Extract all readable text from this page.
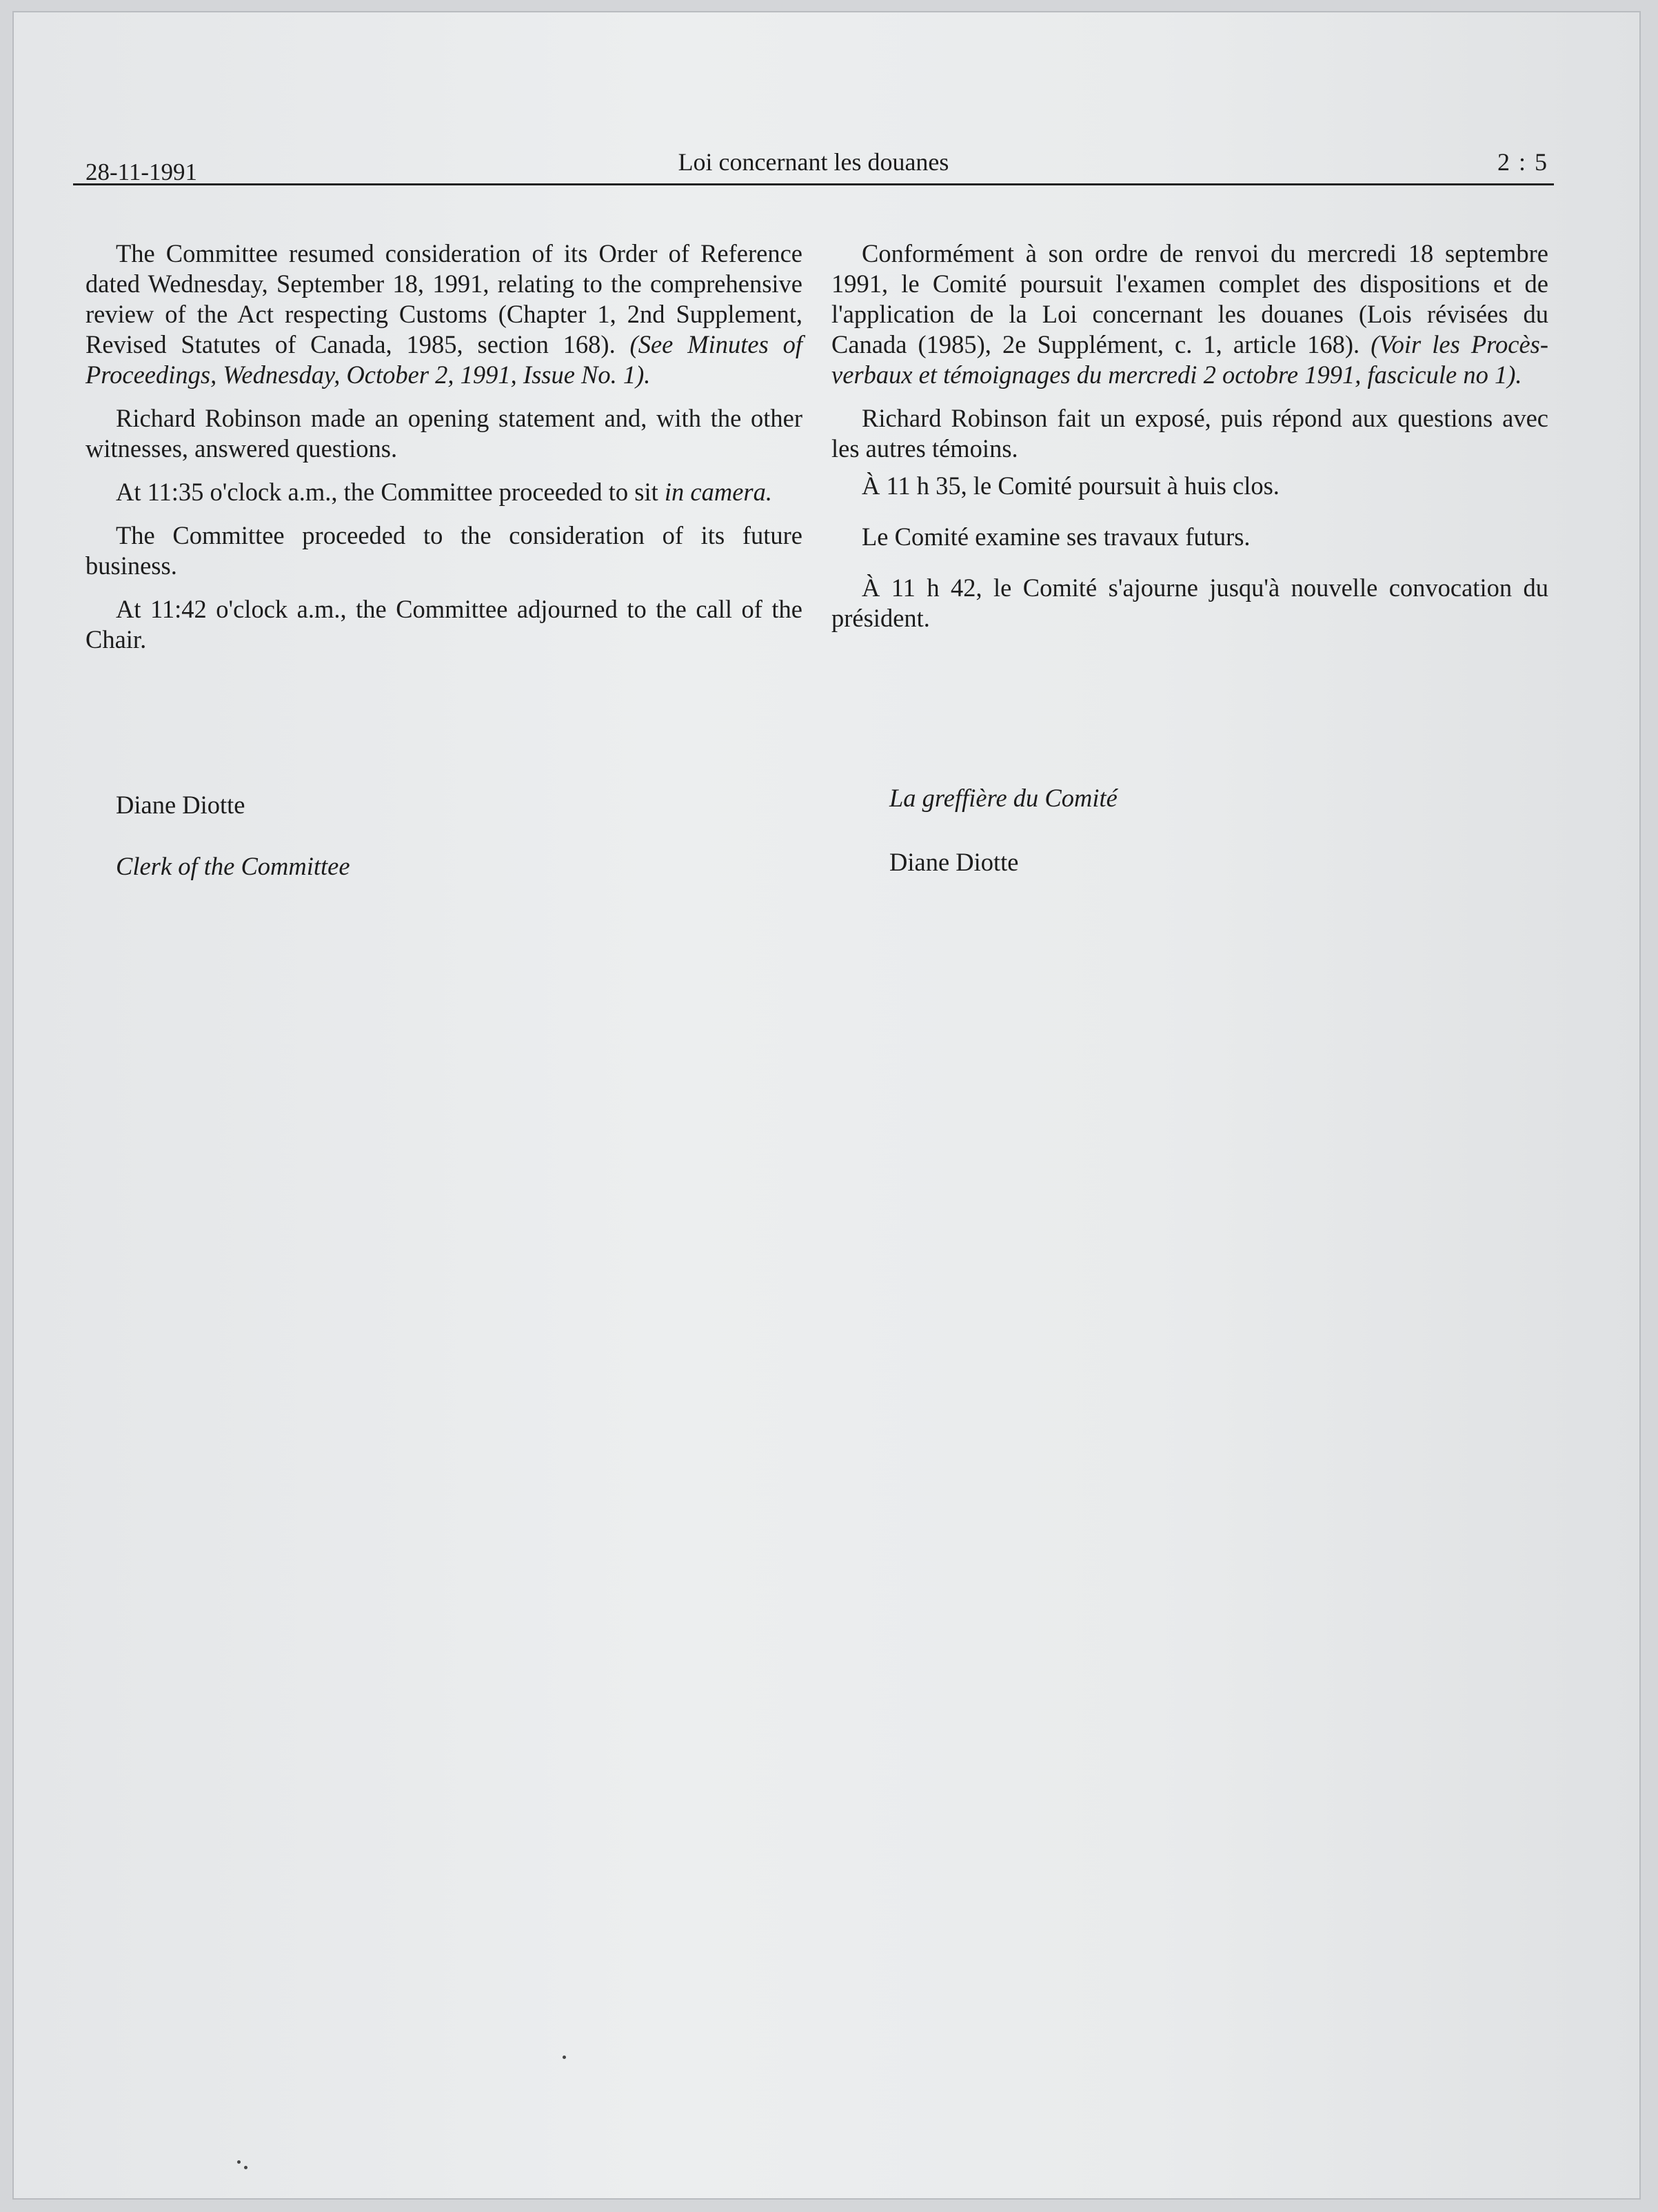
28-11-1991	Loi concernant les douanes	2 : 5

The Committee resumed consideration of its Order of Reference dated Wednesday, September 18, 1991, relating to the comprehensive review of the Act respecting Customs (Chapter 1, 2nd Supplement, Revised Statutes of Canada, 1985, section 168). (See Minutes of Proceedings, Wednesday, October 2, 1991, Issue No. 1).

Richard Robinson made an opening statement and, with the other witnesses, answered questions.

At 11:35 o'clock a.m., the Committee proceeded to sit in camera.

The Committee proceeded to the consideration of its future business.

At 11:42 o'clock a.m., the Committee adjourned to the call of the Chair.

Diane Diotte

Clerk of the Committee

Conformément à son ordre de renvoi du mercredi 18 septembre 1991, le Comité poursuit l'examen complet des dispositions et de l'application de la Loi concernant les douanes (Lois révisées du Canada (1985), 2e Supplément, c. 1, article 168). (Voir les Procès-verbaux et témoignages du mercredi 2 octobre 1991, fascicule no 1).

Richard Robinson fait un exposé, puis répond aux questions avec les autres témoins.

À 11 h 35, le Comité poursuit à huis clos.

Le Comité examine ses travaux futurs.

À 11 h 42, le Comité s'ajourne jusqu'à nouvelle convocation du président.

La greffière du Comité

Diane Diotte
